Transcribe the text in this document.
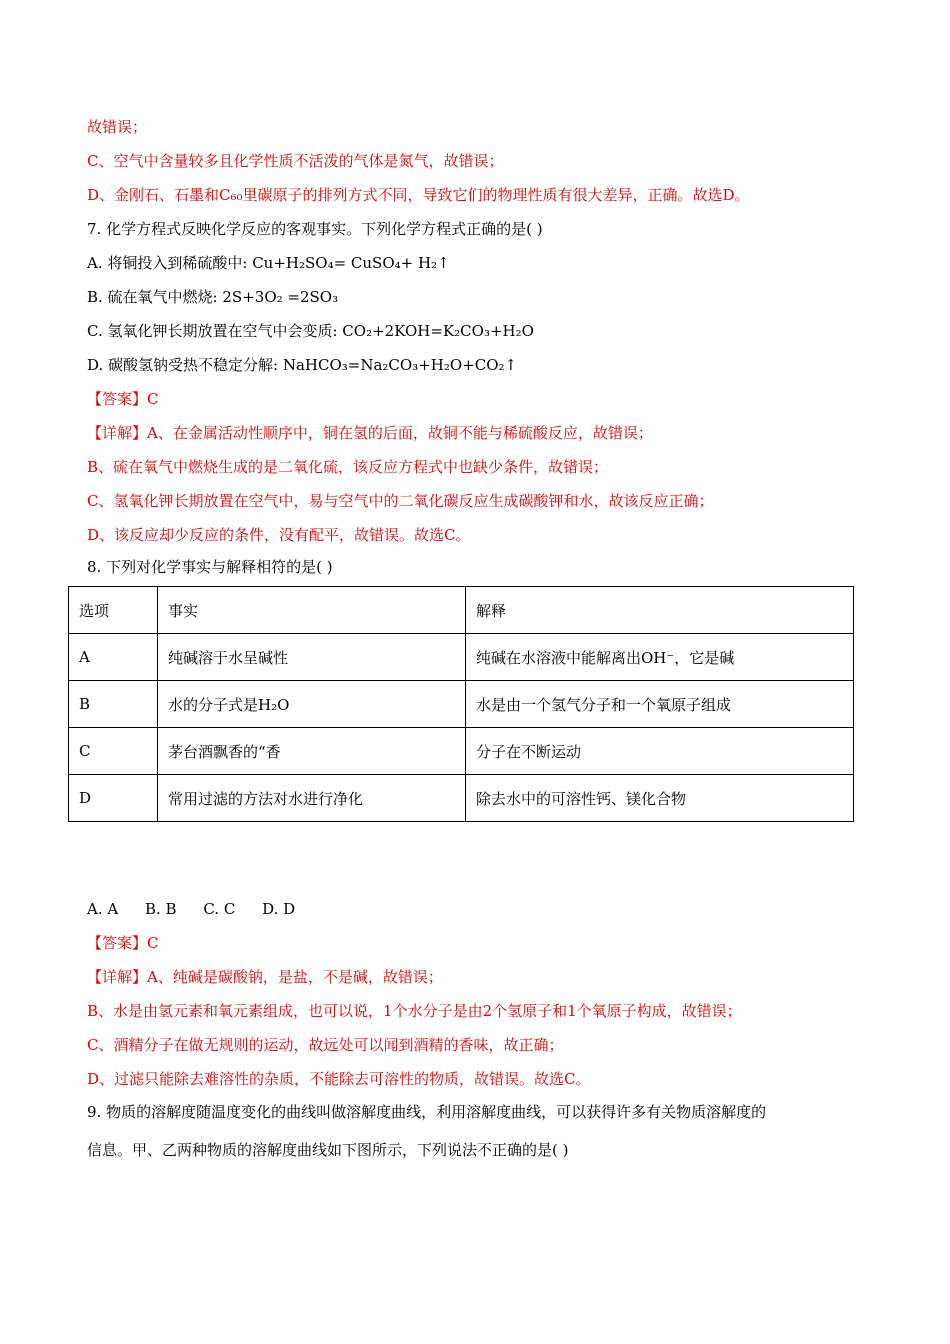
故错误；
C、空气中含量较多且化学性质不活泼的气体是氮气，故错误；
D、金刚石、石墨和C₆₀里碳原子的排列方式不同，导致它们的物理性质有很大差异，正确。故选D。
7. 化学方程式反映化学反应的客观事实。下列化学方程式正确的是( )
A. 将铜投入到稀硫酸中: Cu+H₂SO₄= CuSO₄+ H₂↑
B. 硫在氧气中燃烧: 2S+3O₂ =2SO₃
C. 氢氧化钾长期放置在空气中会变质: CO₂+2KOH=K₂CO₃+H₂O
D. 碳酸氢钠受热不稳定分解: NaHCO₃=Na₂CO₃+H₂O+CO₂↑
【答案】C
【详解】A、在金属活动性顺序中，铜在氢的后面，故铜不能与稀硫酸反应，故错误；
B、硫在氧气中燃烧生成的是二氧化硫，该反应方程式中也缺少条件，故错误；
C、氢氧化钾长期放置在空气中，易与空气中的二氧化碳反应生成碳酸钾和水，故该反应正确；
D、该反应却少反应的条件，没有配平，故错误。故选C。
8. 下列对化学事实与解释相符的是( )
选项	事实	解释
A	纯碱溶于水呈碱性	纯碱在水溶液中能解离出OH⁻，它是碱
B	水的分子式是H₂O	水是由一个氢气分子和一个氧原子组成
C	茅台酒飘香的“香	分子在不断运动
D	常用过滤的方法对水进行净化	除去水中的可溶性钙、镁化合物
A. A B. B C. C D. D
【答案】C
【详解】A、纯碱是碳酸钠，是盐，不是碱，故错误；
B、水是由氢元素和氧元素组成，也可以说，1个水分子是由2个氢原子和1个氧原子构成，故错误；
C、酒精分子在做无规则的运动，故远处可以闻到酒精的香味，故正确；
D、过滤只能除去难溶性的杂质，不能除去可溶性的物质，故错误。故选C。
9. 物质的溶解度随温度变化的曲线叫做溶解度曲线，利用溶解度曲线，可以获得许多有关物质溶解度的
信息。甲、乙两种物质的溶解度曲线如下图所示，下列说法不正确的是( )
